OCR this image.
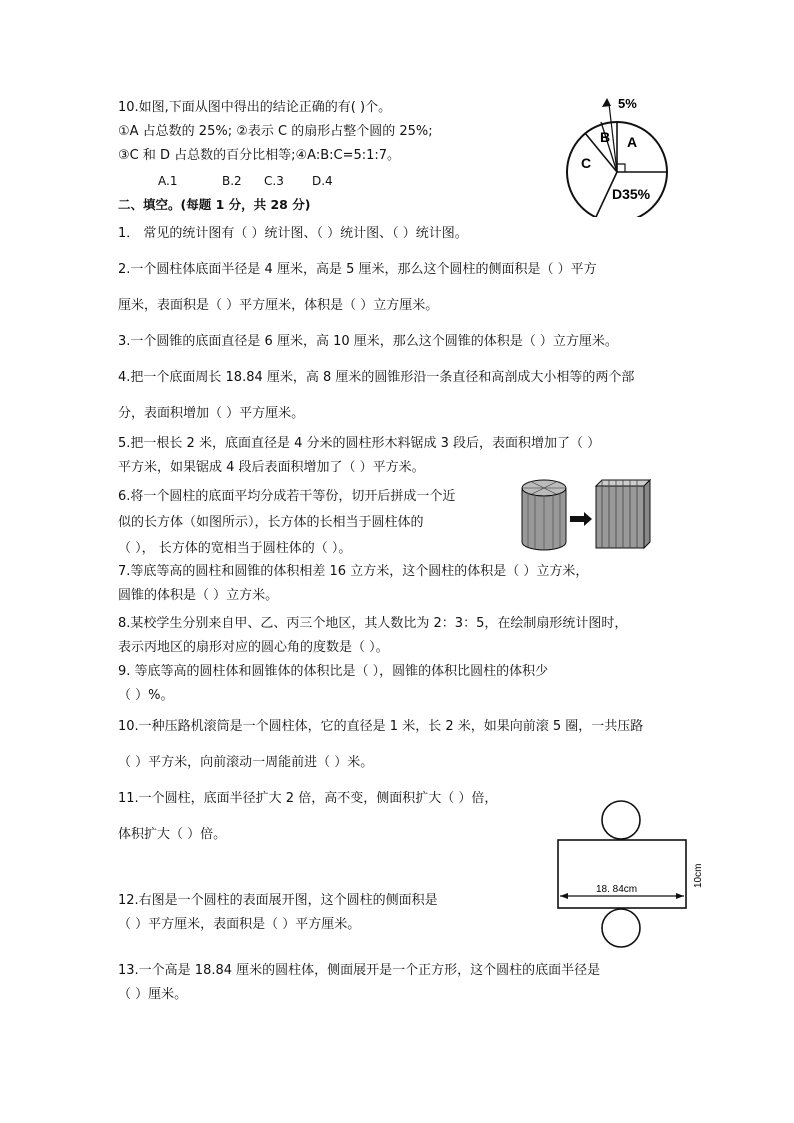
10.如图,下面从图中得出的结论正确的有( )个。
①A 占总数的 25%; ②表示 C 的扇形占整个圆的 25%;
③C 和 D 占总数的百分比相等;④A:B:C=5:1:7。
A.1	B.2 C.3 D.4
5%
A
B
C
D35%
二、填空。(每题 1 分，共 28 分)
1． 常见的统计图有（ ）统计图、（ ）统计图、（ ）统计图。
2.一个圆柱体底面半径是 4 厘米，高是 5 厘米，那么这个圆柱的侧面积是（ ）平方
厘米，表面积是（ ）平方厘米，体积是（ ）立方厘米。
3.一个圆锥的底面直径是 6 厘米，高 10 厘米，那么这个圆锥的体积是（ ）立方厘米。
4.把一个底面周长 18.84 厘米，高 8 厘米的圆锥形沿一条直径和高剖成大小相等的两个部
分，表面积增加（ ）平方厘米。
5.把一根长 2 米，底面直径是 4 分米的圆柱形木料锯成 3 段后，表面积增加了（ ）
平方米，如果锯成 4 段后表面积增加了（ ）平方米。
6.将一个圆柱的底面平均分成若干等份，切开后拼成一个近
似的长方体（如图所示），长方体的长相当于圆柱体的
（ ）， 长方体的宽相当于圆柱体的（ ）。
7.等底等高的圆柱和圆锥的体积相差 16 立方米，这个圆柱的体积是（ ）立方米，
圆锥的体积是（ ）立方米。
8.某校学生分别来自甲、乙、丙三个地区，其人数比为 2：3：5，在绘制扇形统计图时，
表示丙地区的扇形对应的圆心角的度数是（ ）。
9. 等底等高的圆柱体和圆锥体的体积比是（ ），圆锥的体积比圆柱的体积少
（ ）%。
10.一种压路机滚筒是一个圆柱体，它的直径是 1 米，长 2 米，如果向前滚 5 圈，一共压路
（ ）平方米，向前滚动一周能前进（ ）米。
11.一个圆柱，底面半径扩大 2 倍，高不变，侧面积扩大（ ）倍，
体积扩大（ ）倍。
18. 84cm
10cm
12.右图是一个圆柱的表面展开图，这个圆柱的侧面积是
（ ）平方厘米，表面积是（ ）平方厘米。
13.一个高是 18.84 厘米的圆柱体，侧面展开是一个正方形，这个圆柱的底面半径是
（ ）厘米。
